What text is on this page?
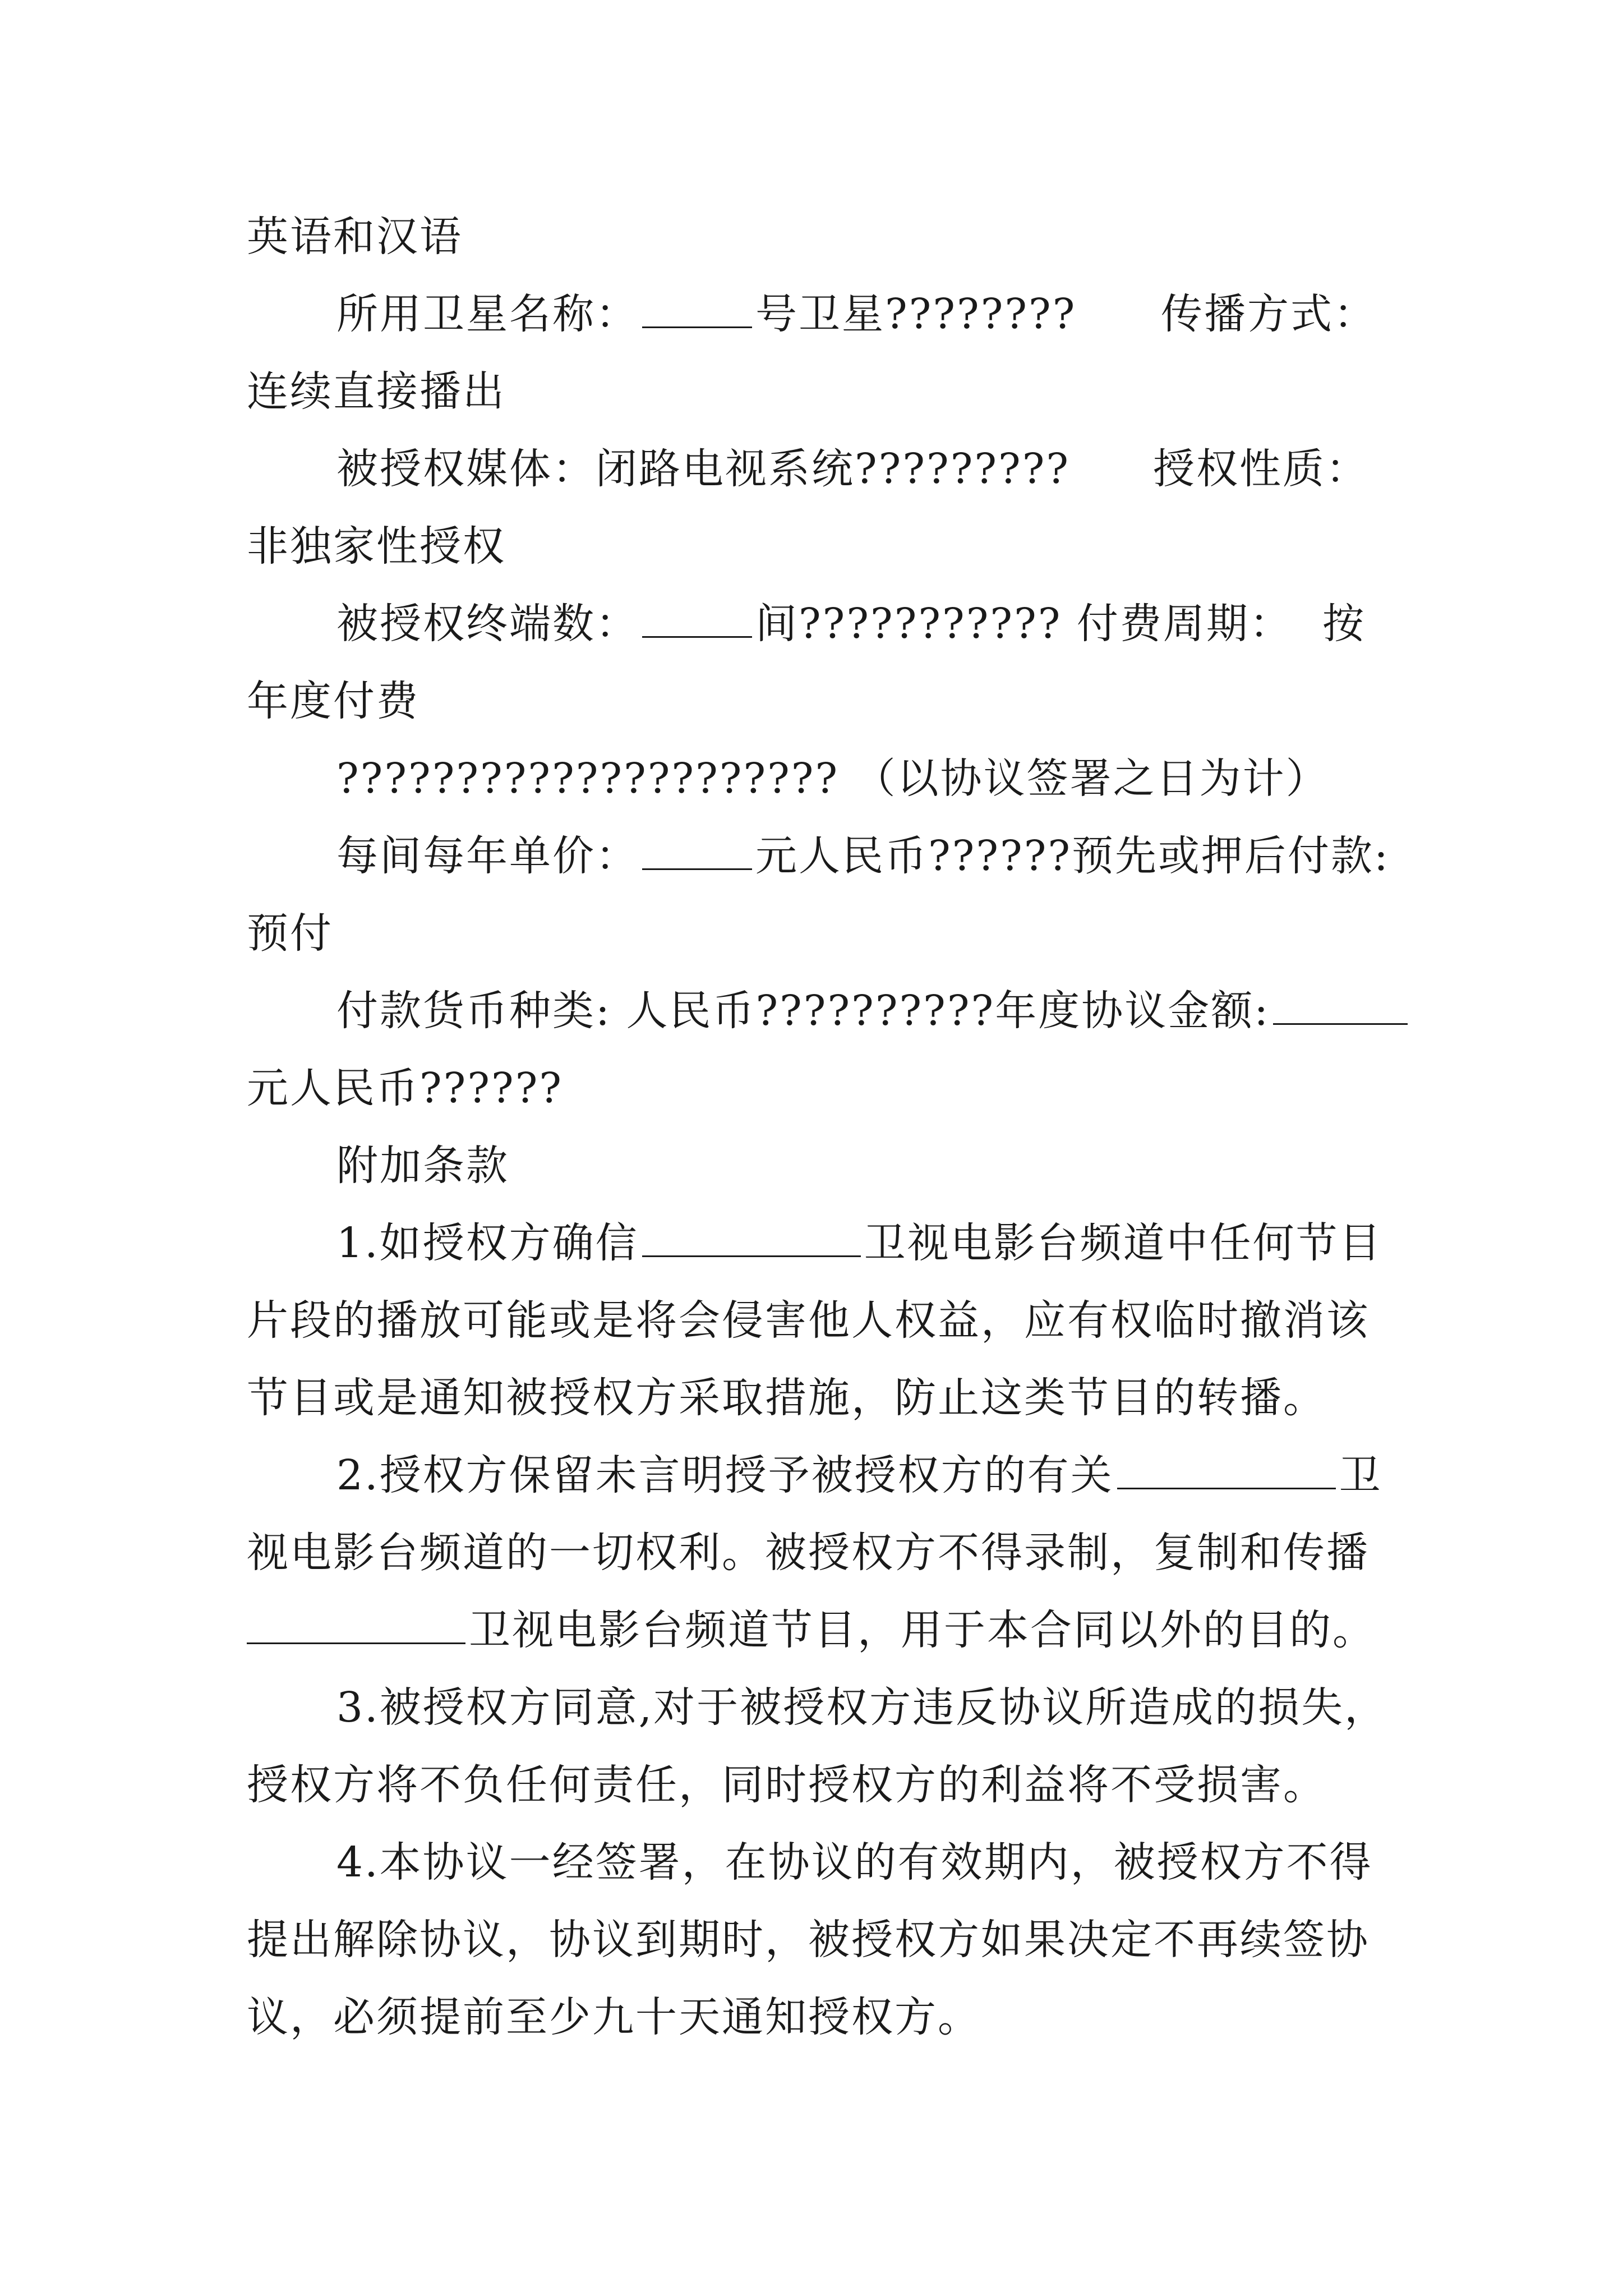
英语和汉语
所用卫星名称：	号卫星???????? 传播方式：
连续直接播出
被授权媒体：闭路电视系统????????? 授权性质：
非独家性授权
被授权终端数：	间??????????? 付费周期：  按
年度付费
????????????????????? （以协议签署之日为计）
每间每年单价：	元人民币??????预先或押后付款:
预付
付款货币种类: 人民币??????????年度协议金额:
元人民币??????
附加条款
1.如授权方确信	卫视电影台频道中任何节目
片段的播放可能或是将会侵害他人权益，应有权临时撤消该
节目或是通知被授权方采取措施，防止这类节目的转播。
2.授权方保留未言明授予被授权方的有关	卫
视电影台频道的一切权利。被授权方不得录制，复制和传播
卫视电影台频道节目，用于本合同以外的目的。
3.被授权方同意,对于被授权方违反协议所造成的损失，
授权方将不负任何责任，同时授权方的利益将不受损害。
4.本协议一经签署，在协议的有效期内，被授权方不得
提出解除协议，协议到期时，被授权方如果决定不再续签协
议，必须提前至少九十天通知授权方。
